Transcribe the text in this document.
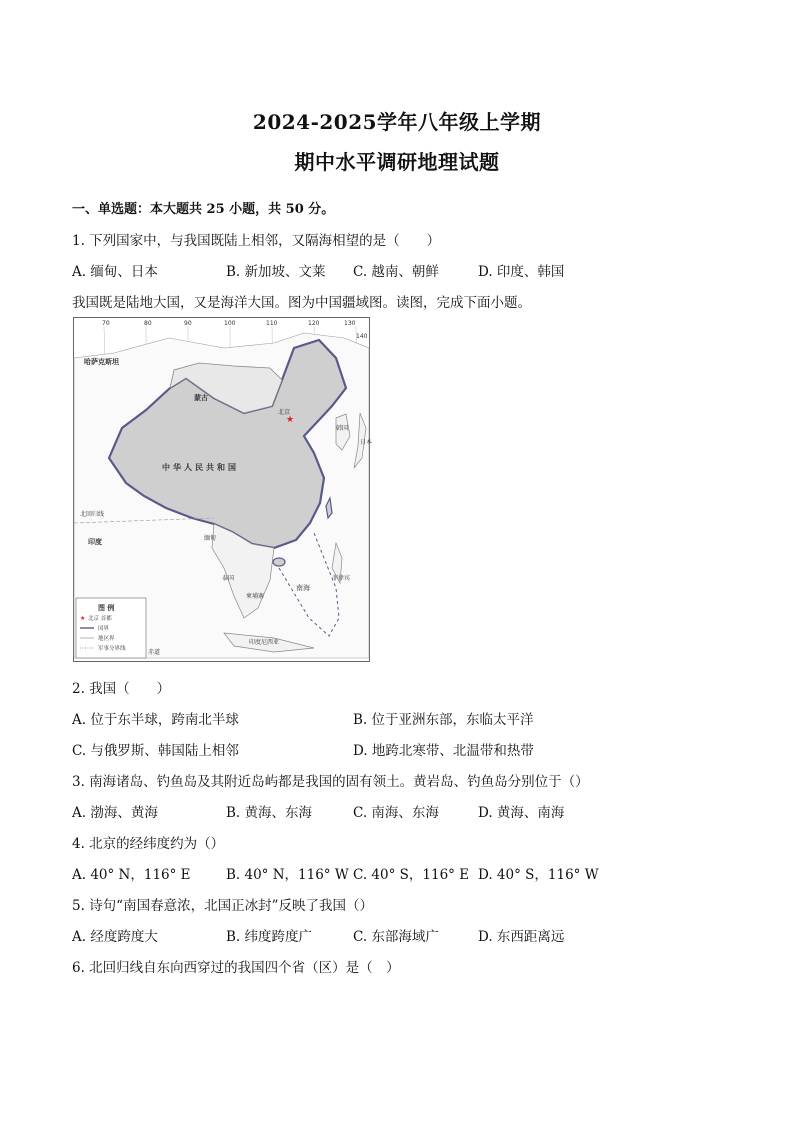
2024-2025学年八年级上学期
期中水平调研地理试题
一、单选题：本大题共 25 小题，共 50 分。
1. 下列国家中，与我国既陆上相邻，又隔海相望的是（　　）
A. 缅甸、日本	B. 新加坡、文莱 C. 越南、朝鲜	D. 印度、韩国
我国既是陆地大国，又是海洋大国。图为中国疆域图。读图，完成下面小题。
70	80	90	100	110	120	130
140
★
哈萨克斯坦
蒙古
中华人民共和国
北京
北回归线
印度
南海
韩国
日本
菲律宾
缅甸
泰国
柬埔寨
印度尼西亚
赤道
图 例
★ 北京 首都
国界
地区界
军事分界线
2. 我国（　　）
A. 位于东半球，跨南北半球	B. 位于亚洲东部，东临太平洋
C. 与俄罗斯、韩国陆上相邻	D. 地跨北寒带、北温带和热带
3. 南海诸岛、钓鱼岛及其附近岛屿都是我国的固有领土。黄岩岛、钓鱼岛分别位于（）
A. 渤海、黄海	B. 黄海、东海	C. 南海、东海	D. 黄海、南海
4. 北京的经纬度约为（）
A. 40° N，116° E	B. 40° N，116° W C. 40° S，116° E D. 40° S，116° W
5. 诗句“南国春意浓，北国正冰封”反映了我国（）
A. 经度跨度大	B. 纬度跨度广	C. 东部海域广	D. 东西距离远
6. 北回归线自东向西穿过的我国四个省（区）是（　）
